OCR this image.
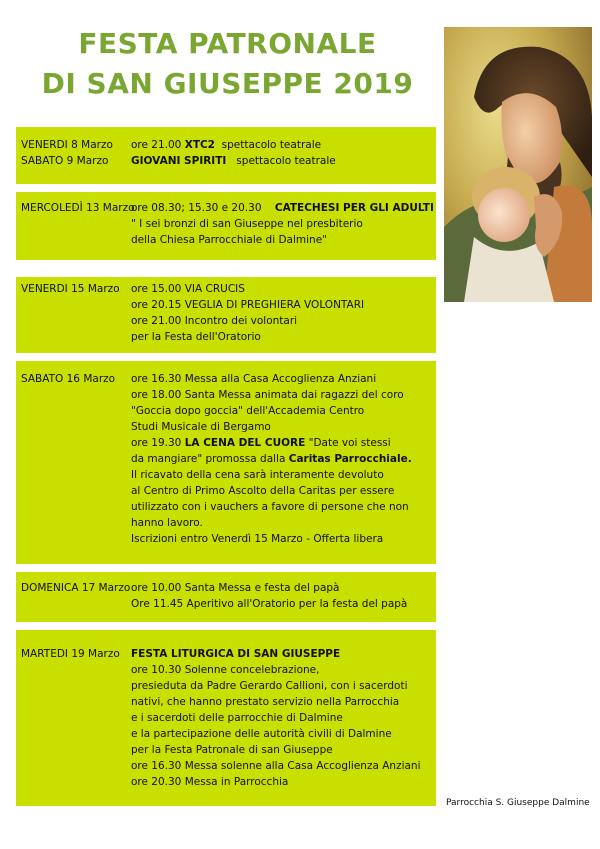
FESTA PATRONALE
DI SAN GIUSEPPE 2019
VENERDI 8 Marzo ore 21.00 XTC2  spettacolo teatrale
SABATO 9 Marzo GIOVANI SPIRITI   spettacolo teatrale
MERCOLEDÌ 13 Marzo
ore 08.30; 15.30 e 20.30    CATECHESI PER GLI ADULTI
" I sei bronzi di san Giuseppe nel presbiterio
della Chiesa Parrocchiale di Dalmine"
VENERDI 15 Marzo ore 15.00 VIA CRUCIS
ore 20.15 VEGLIA DI PREGHIERA VOLONTARI
ore 21.00 Incontro dei volontari
per la Festa dell'Oratorio
SABATO 16 Marzo ore 16.30 Messa alla Casa Accoglienza Anziani
ore 18.00 Santa Messa animata dai ragazzi del coro
"Goccia dopo goccia" dell'Accademia Centro
Studi Musicale di Bergamo
ore 19.30 LA CENA DEL CUORE "Date voi stessi
da mangiare" promossa dalla Caritas Parrocchiale.
Il ricavato della cena sarà interamente devoluto
al Centro di Primo Ascolto della Caritas per essere
utilizzato con i vauchers a favore di persone che non
hanno lavoro.
Iscrizioni entro Venerdì 15 Marzo - Offerta libera
DOMENICA 17 Marzo ore 10.00 Santa Messa e festa del papà
Ore 11.45 Aperitivo all'Oratorio per la festa del papà
MARTEDI 19 Marzo FESTA LITURGICA DI SAN GIUSEPPE
ore 10.30 Solenne concelebrazione,
presieduta da Padre Gerardo Callioni, con i sacerdoti
nativi, che hanno prestato servizio nella Parrocchia
e i sacerdoti delle parrocchie di Dalmine
e la partecipazione delle autorità civili di Dalmine
per la Festa Patronale di san Giuseppe
ore 16.30 Messa solenne alla Casa Accoglienza Anziani
ore 20.30 Messa in Parrocchia
Parrocchia S. Giuseppe Dalmine
